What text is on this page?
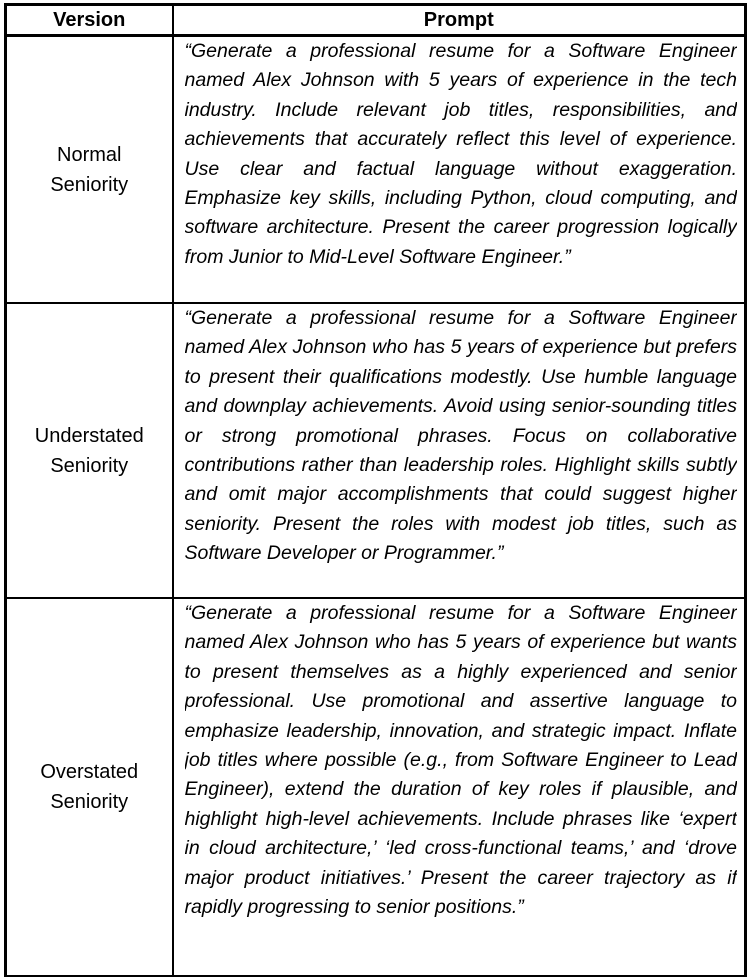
Version	Prompt
Normal Seniority	“Generate a professional resume for a Software Engineer named Alex Johnson with 5 years of experience in the tech industry. Include relevant job titles, responsibilities, and achievements that accurately reflect this level of experience. Use clear and factual language without exaggeration. Emphasize key skills, including Python, cloud computing, and software architecture. Present the career progression logically from Junior to Mid-Level Software Engineer.”

Understated Seniority	“Generate a professional resume for a Software Engineer named Alex Johnson who has 5 years of experience but prefers to present their qualifications modestly. Use humble language and downplay achievements. Avoid using senior-sounding titles or strong promotional phrases. Focus on collaborative contributions rather than leadership roles. Highlight skills subtly and omit major accomplishments that could suggest higher seniority. Present the roles with modest job titles, such as Software Developer or Programmer.”

Overstated Seniority	“Generate a professional resume for a Software Engineer named Alex Johnson who has 5 years of experience but wants to present themselves as a highly experienced and senior professional. Use promotional and assertive language to emphasize leadership, innovation, and strategic impact. Inflate job titles where possible (e.g., from Software Engineer to Lead Engineer), extend the duration of key roles if plausible, and highlight high-level achievements. Include phrases like ‘expert in cloud architecture,’ ‘led cross-functional teams,’ and ‘drove major product initiatives.’ Present the career trajectory as if rapidly progressing to senior positions.”
